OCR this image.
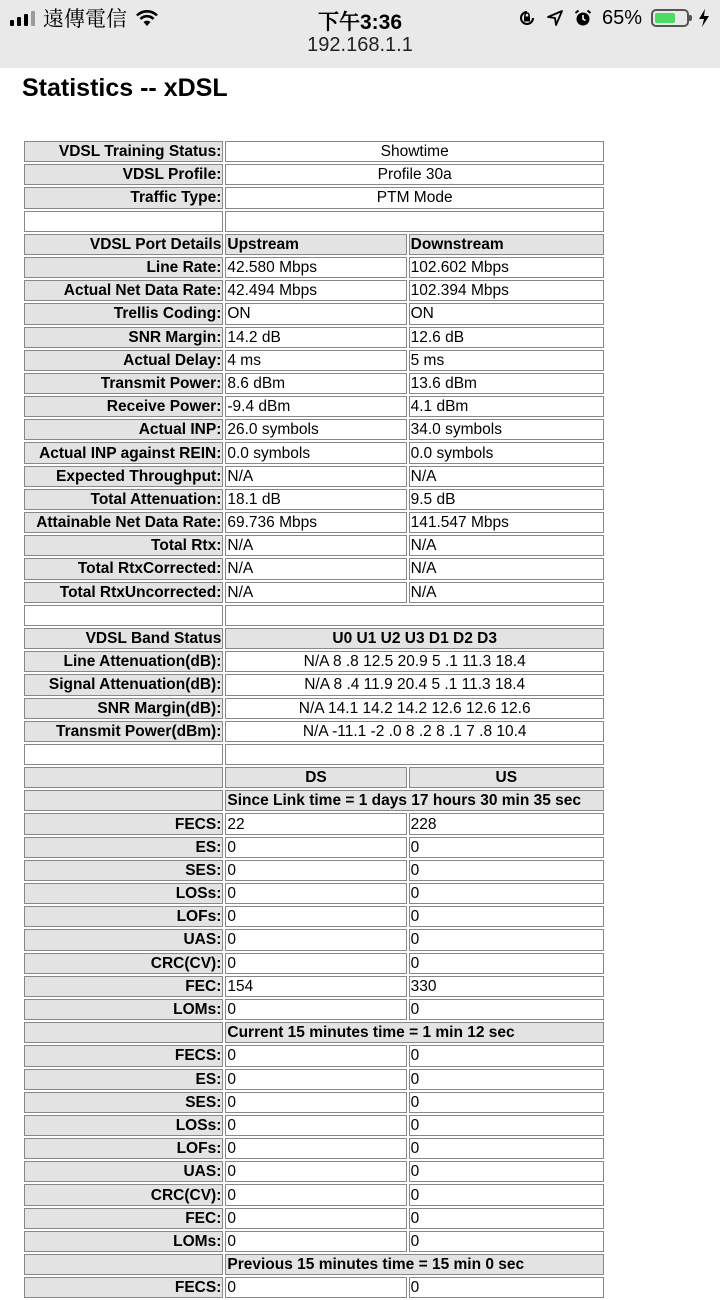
遠傳電信	下午3:36	65%
192.168.1.1
Statistics -- xDSL
VDSL Training Status:	Showtime	
VDSL Profile:	Profile 30a	
Traffic Type:	PTM Mode	

VDSL Port Details	Upstream	Downstream
Line Rate:	42.580 Mbps	102.602 Mbps
Actual Net Data Rate:	42.494 Mbps	102.394 Mbps
Trellis Coding:	ON	ON
SNR Margin:	14.2 dB	12.6 dB
Actual Delay:	4 ms	5 ms
Transmit Power:	8.6 dBm	13.6 dBm
Receive Power:	-9.4 dBm	4.1 dBm
Actual INP:	26.0 symbols	34.0 symbols
Actual INP against REIN:	0.0 symbols	0.0 symbols
Expected Throughput:	N/A	N/A
Total Attenuation:	18.1 dB	9.5 dB
Attainable Net Data Rate:	69.736 Mbps	141.547 Mbps
Total Rtx:	N/A	N/A
Total RtxCorrected:	N/A	N/A
Total RtxUncorrected:	N/A	N/A

VDSL Band Status	U0 U1 U2 U3 D1 D2 D3	
Line Attenuation(dB):	N/A 8 .8 12.5 20.9 5 .1 11.3 18.4	
Signal Attenuation(dB):	N/A 8 .4 11.9 20.4 5 .1 11.3 18.4	
SNR Margin(dB):	N/A 14.1 14.2 14.2 12.6 12.6 12.6	
Transmit Power(dBm):	N/A -11.1 -2 .0 8 .2 8 .1 7 .8 10.4	

	DS	US
	Since Link time = 1 days 17 hours 30 min 35 sec	
FECS:	22	228
ES:	0	0
SES:	0	0
LOSs:	0	0
LOFs:	0	0
UAS:	0	0
CRC(CV):	0	0
FEC:	154	330
LOMs:	0	0
	Current 15 minutes time = 1 min 12 sec	
FECS:	0	0
ES:	0	0
SES:	0	0
LOSs:	0	0
LOFs:	0	0
UAS:	0	0
CRC(CV):	0	0
FEC:	0	0
LOMs:	0	0
	Previous 15 minutes time = 15 min 0 sec	
FECS:	0	0
